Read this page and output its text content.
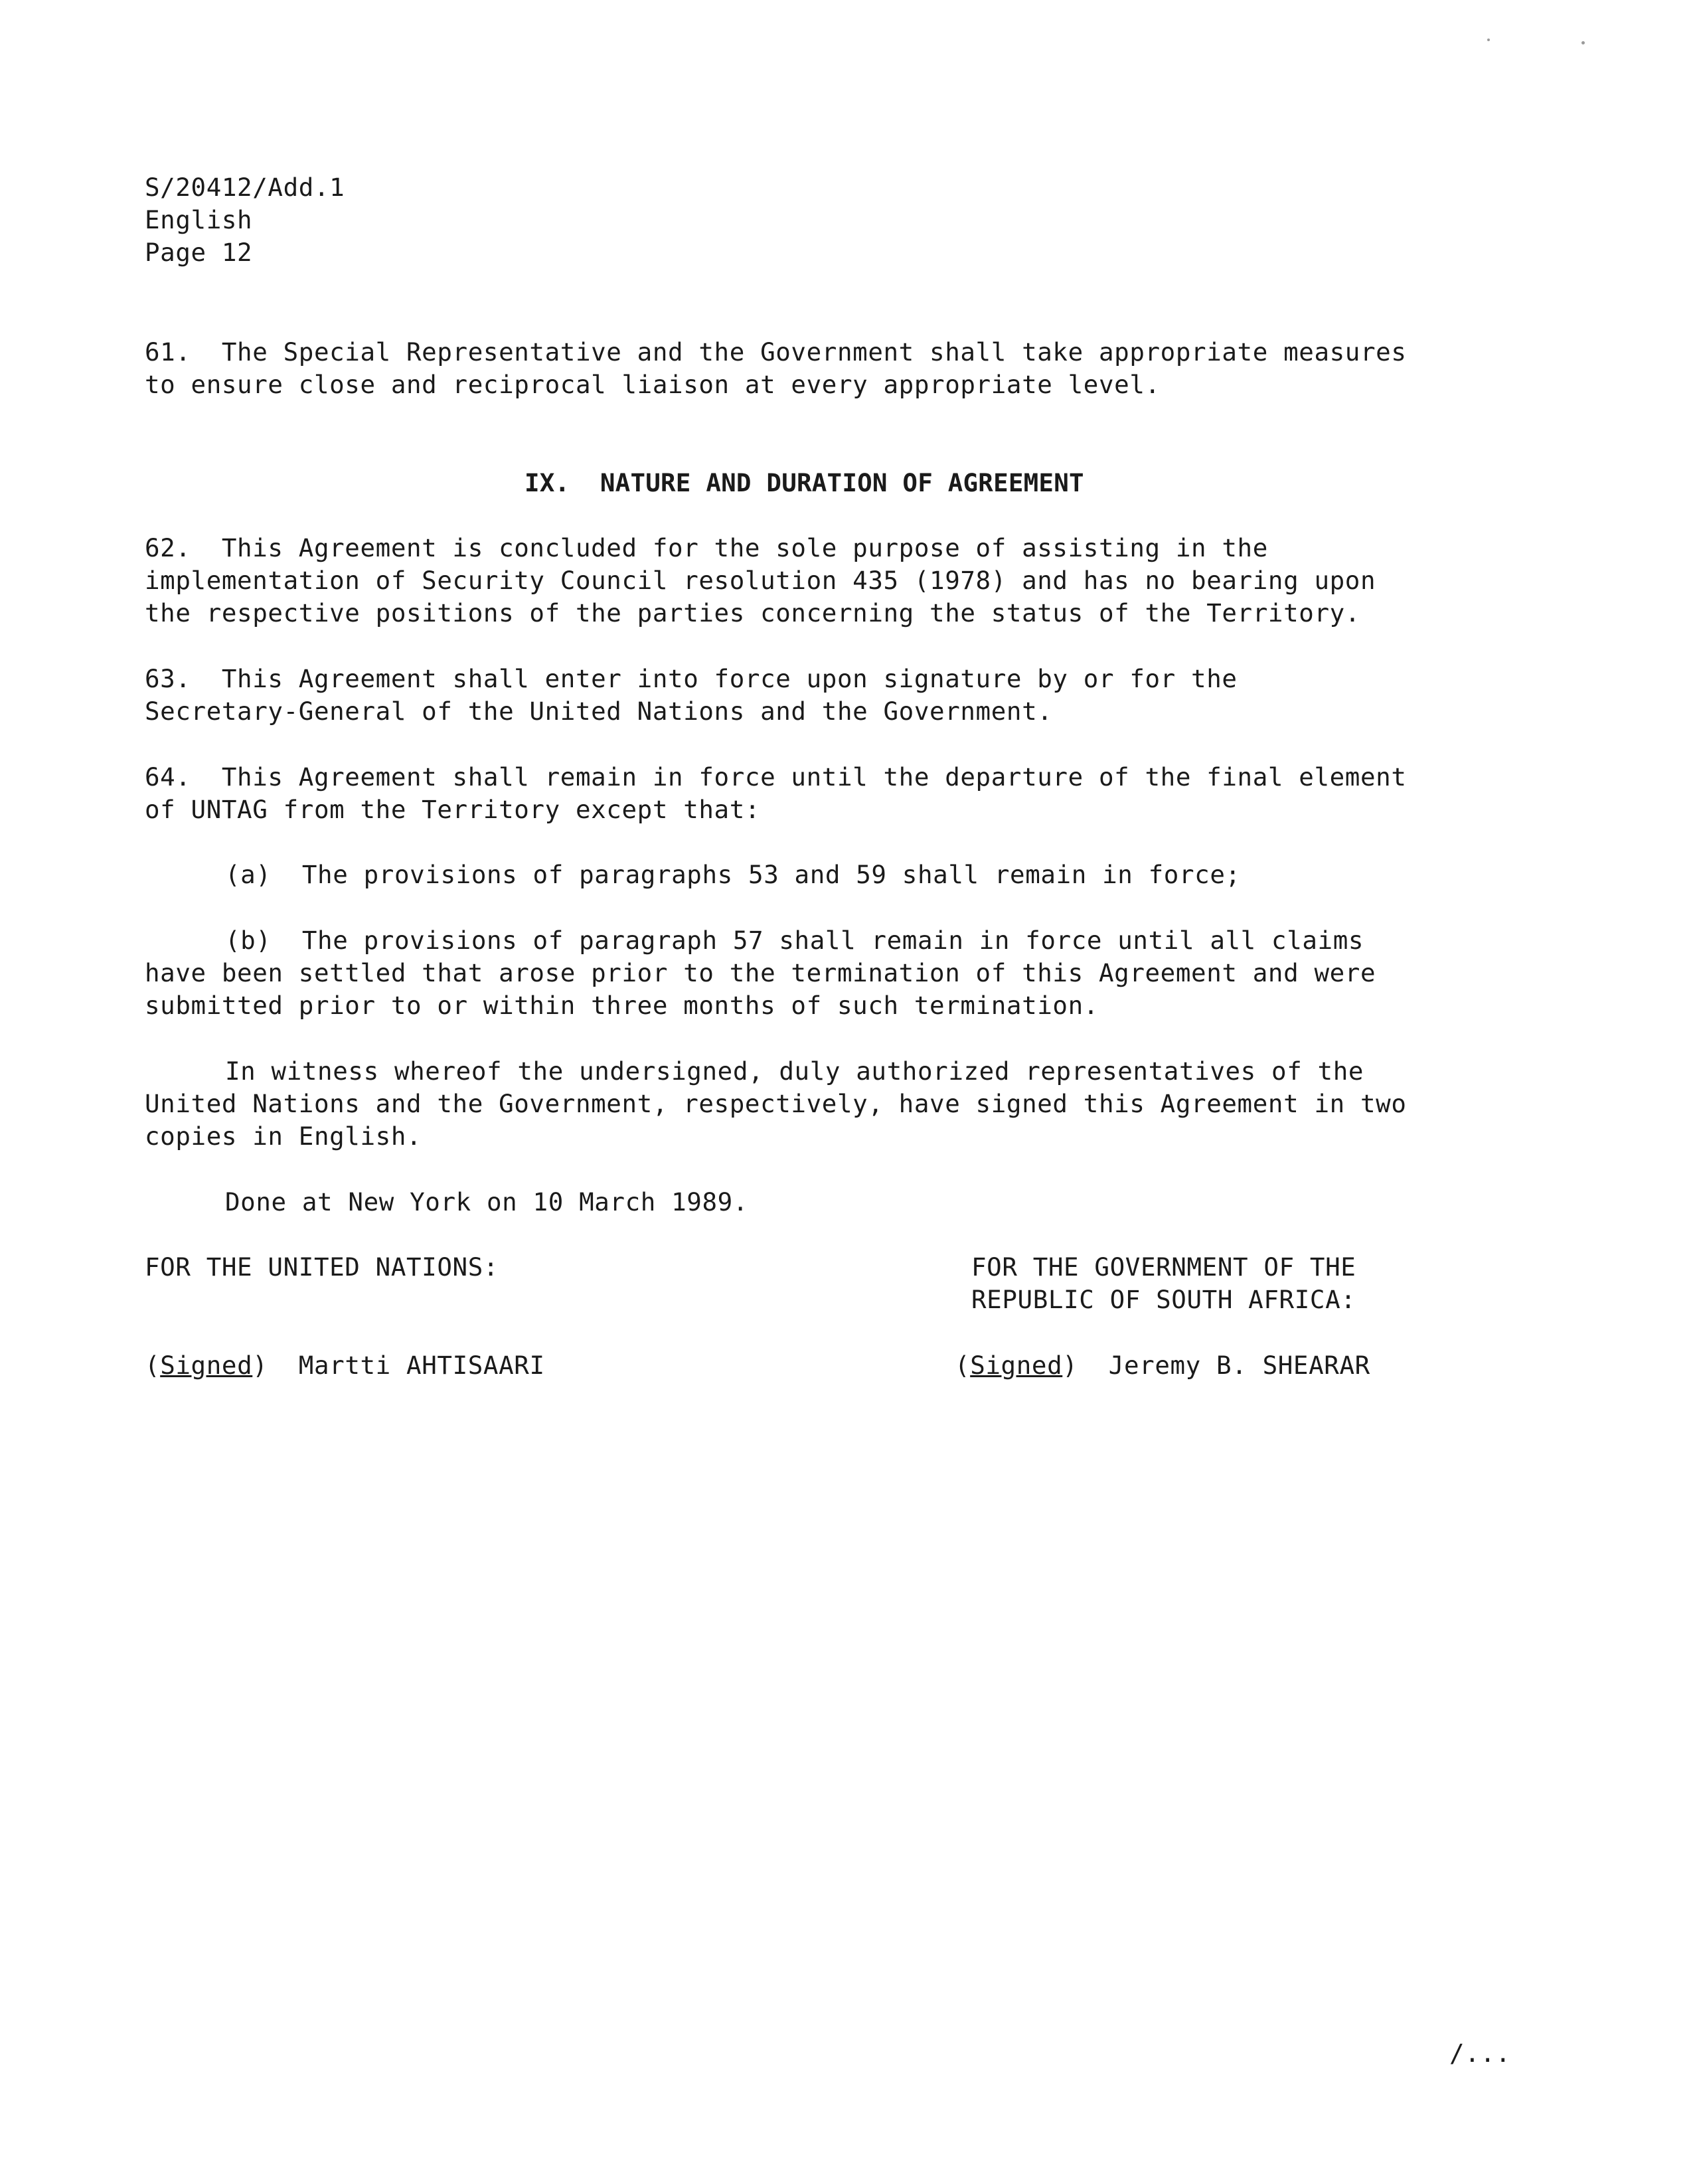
S/20412/Add.1
English
Page 12
61.  The Special Representative and the Government shall take appropriate measures
to ensure close and reciprocal liaison at every appropriate level.
IX.  NATURE AND DURATION OF AGREEMENT
62.  This Agreement is concluded for the sole purpose of assisting in the
implementation of Security Council resolution 435 (1978) and has no bearing upon
the respective positions of the parties concerning the status of the Territory.
63.  This Agreement shall enter into force upon signature by or for the
Secretary-General of the United Nations and the Government.
64.  This Agreement shall remain in force until the departure of the final element
of UNTAG from the Territory except that:
(a)  The provisions of paragraphs 53 and 59 shall remain in force;
(b)  The provisions of paragraph 57 shall remain in force until all claims
have been settled that arose prior to the termination of this Agreement and were
submitted prior to or within three months of such termination.
In witness whereof the undersigned, duly authorized representatives of the
United Nations and the Government, respectively, have signed this Agreement in two
copies in English.
Done at New York on 10 March 1989.
FOR THE UNITED NATIONS:	FOR THE GOVERNMENT OF THE
REPUBLIC OF SOUTH AFRICA:
(Signed) Martti AHTISAARI	(Signed) Jeremy B. SHEARAR
/...
